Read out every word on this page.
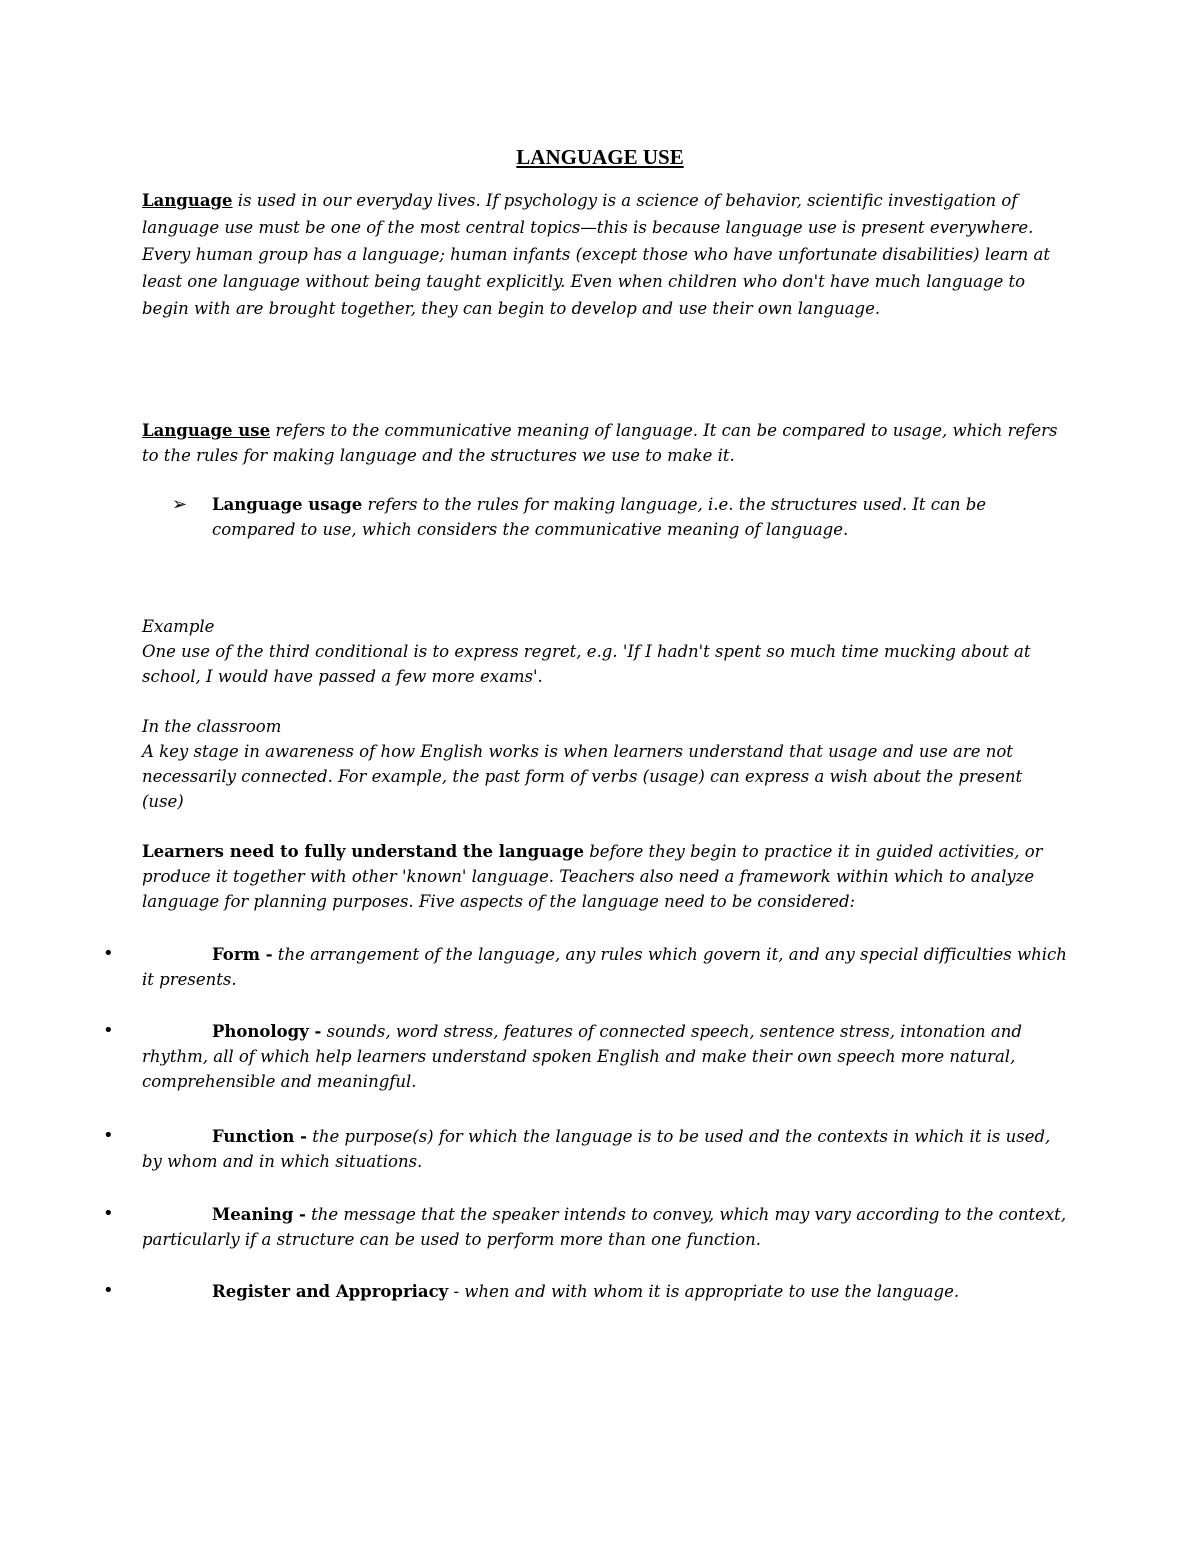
LANGUAGE USE
Language is used in our everyday lives. If psychology is a science of behavior, scientific investigation of language use must be one of the most central topics—this is because language use is present everywhere. Every human group has a language; human infants (except those who have unfortunate disabilities) learn at least one language without being taught explicitly. Even when children who don't have much language to begin with are brought together, they can begin to develop and use their own language.
Language use refers to the communicative meaning of language. It can be compared to usage, which refers to the rules for making language and the structures we use to make it.
➢ Language usage refers to the rules for making language, i.e. the structures used. It can be compared to use, which considers the communicative meaning of language.
Example
One use of the third conditional is to express regret, e.g. 'If I hadn't spent so much time mucking about at school, I would have passed a few more exams'.
In the classroom
A key stage in awareness of how English works is when learners understand that usage and use are not necessarily connected. For example, the past form of verbs (usage) can express a wish about the present (use)
Learners need to fully understand the language before they begin to practice it in guided activities, or produce it together with other 'known' language. Teachers also need a framework within which to analyze language for planning purposes. Five aspects of the language need to be considered:
•	Form - the arrangement of the language, any rules which govern it, and any special difficulties which it presents.
•	Phonology - sounds, word stress, features of connected speech, sentence stress, intonation and rhythm, all of which help learners understand spoken English and make their own speech more natural, comprehensible and meaningful.
•	Function - the purpose(s) for which the language is to be used and the contexts in which it is used, by whom and in which situations.
•	Meaning - the message that the speaker intends to convey, which may vary according to the context, particularly if a structure can be used to perform more than one function.
•	Register and Appropriacy - when and with whom it is appropriate to use the language.
